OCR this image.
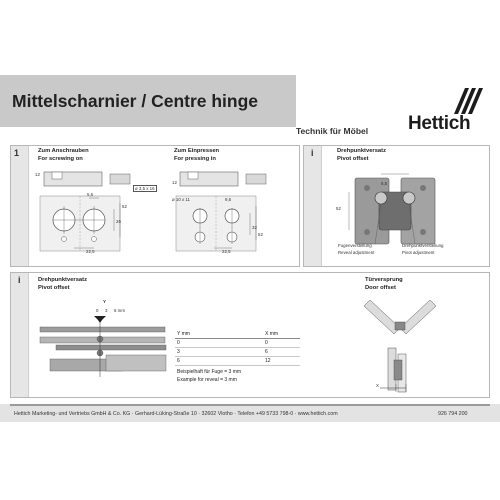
Mittelscharnier / Centre hinge
Technik für Möbel Hettich
1	Zum Anschrauben
For screwing on
Zum Einpressen
For pressing in
12
ø 3,5 x 16
5,5
26
52
22,5
12
ø 10 x 11	9,5
32
52
22,5
i	Drehpunktversatz
Pivot offset
5,5
52
Fugenverstellung
Reveal adjustment
Drehpunktverstellung
Pivot adjustment
i	Drehpunktversatz
Pivot offset
Y
0 3 6 mm
Y mm	X mm
0	0
3	6
6	12
Beispielhaft für Fuge = 3 mm
Example for reveal = 3 mm
Türversprung
Door offset
X
Hettich Marketing- und Vertriebs GmbH & Co. KG · Gerhard-Lüking-Straße 10 · 32602 Vlotho · Telefon +49 5733 798-0 · www.hettich.com	926 794 200
